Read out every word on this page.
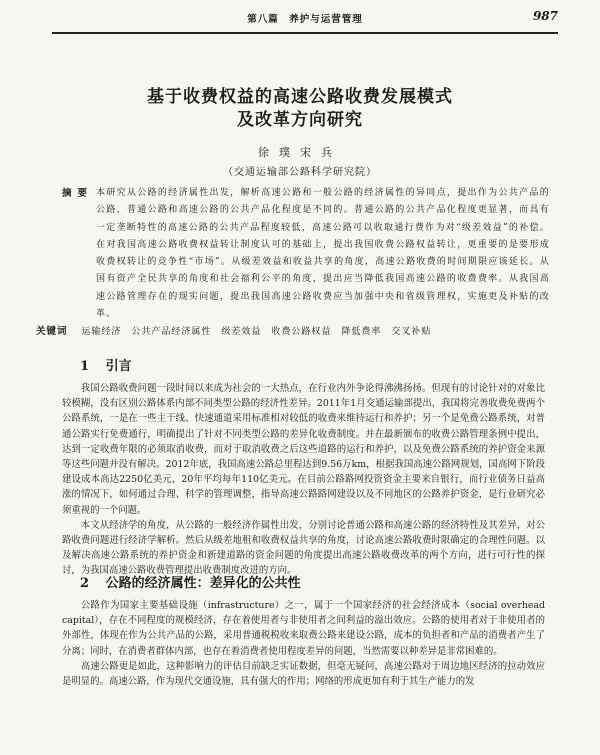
第八篇　养护与运营管理	987
基于收费权益的高速公路收费发展模式
及改革方向研究
徐璞宋兵
（交通运输部公路科学研究院）
摘要 本研究从公路的经济属性出发，解析高速公路和一般公路的经济属性的异同点，提出作为公共产品的公路，普通公路和高速公路的公共产品化程度是不同的。普通公路的公共产品化程度更显著，而具有一定垄断特性的高速公路的公共产品程度较低，高速公路可以收取通行费作为对“级差效益”的补偿。在对我国高速公路收费权益转让制度认可的基础上，提出我国收费公路权益转让，更重要的是要形成收费权转让的竞争性“市场”。从级差效益和收益共享的角度，高速公路收费的时间期限应该延长。从国有资产全民共享的角度和社会福利公平的角度，提出应当降低我国高速公路的收费费率。从我国高速公路管理存在的现实问题，提出我国高速公路收费应当加强中央和省级管理权，实施更及补贴的改革。
关键词 运输经济　公共产品经济属性　级差效益　收费公路权益　降低费率　交叉补贴
1 引言

我国公路收费问题一段时间以来成为社会的一大热点，在行业内外争论得沸沸扬扬。但现有的讨论针对的对象比较模糊，没有区别公路体系内部不同类型公路的经济性差异。2011年1月交通运输部提出，我国将完善收费免费两个公路系统，一是在一些主干线、快速通道采用标准相对较低的收费来维持运行和养护；另一个是免费公路系统，对普通公路实行免费通行，明确提出了针对不同类型公路的差异化收费制度。并在最新颁布的收费公路管理条例中提出，达到一定收费年限的必须取消收费，而对于取消收费之后这些道路的运行和养护，以及免费公路系统的养护资金来源等这些问题并没有解决。2012年底，我国高速公路总里程达到9.56万km，根据我国高速公路网规划，国高网下阶段建设成本高达2250亿美元，20年平均每年110亿美元。在目前公路路网投资资金主要来自银行，而行业债务日益高涨的情况下，如何通过合理、科学的管理调整，指导高速公路路网建设以及不同地区的公路养护资金，是行业研究必须重视的一个问题。

本文从经济学的角度，从公路的一般经济作属性出发，分别讨论普通公路和高速公路的经济特性及其差异，对公路收费问题进行经济学解析。然后从级差地租和收费权益共享的角度，讨论高速公路收费时限确定的合理性问题。以及解决高速公路系统的养护资金和新建道路的资金问题的角度提出高速公路收费改革的两个方向，进行可行性的探讨，为我国高速公路收费管理提出收费制度改进的方向。

2 公路的经济属性：差异化的公共性

公路作为国家主要基础设施（infrastructure）之一，属于一个国家经济的社会经济成本（social overhead capital），存在不同程度的规模经济，存在着使用者与非使用者之间利益的溢出效应。公路的使用者对于非使用者的外部性，体现在作为公共产品的公路，采用普通税税收来取费公路来建设公路，成本的负担者和产品的消费者产生了分离；同时，在消费者群体内部，也存在着消费者使用程度差异的问题，当然需要以种差异是非常困难的。

高速公路更是如此，这种影响力的评估目前缺乏实证数据，但毫无疑问，高速公路对于周边地区经济的拉动效应是明显的。高速公路，作为现代交通设施，具有强大的作用；网络的形成更加有利于其生产能力的发
